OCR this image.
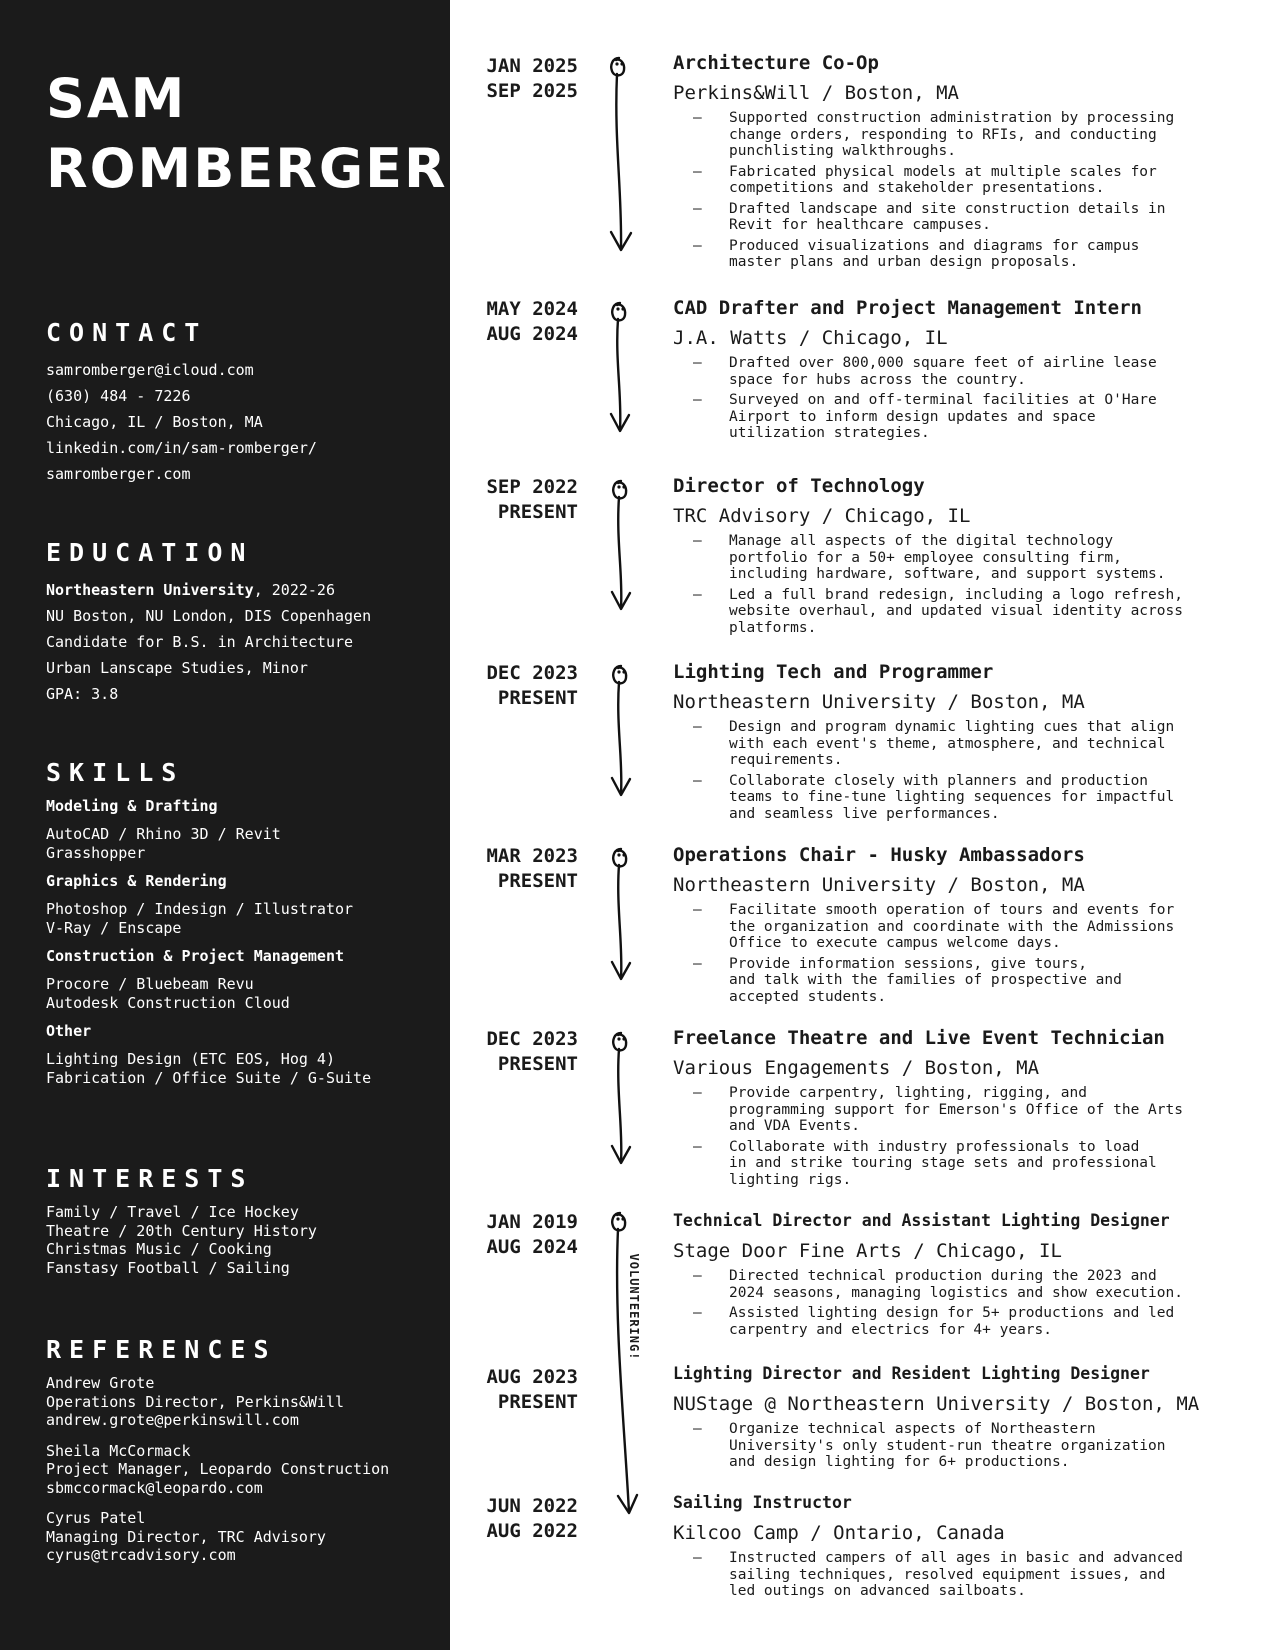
SAM
ROMBERGER
CONTACT
samromberger@icloud.com
(630) 484 - 7226
Chicago, IL / Boston, MA
linkedin.com/in/sam-romberger/
samromberger.com
EDUCATION
Northeastern University, 2022-26
NU Boston, NU London, DIS Copenhagen
Candidate for B.S. in Architecture
Urban Lanscape Studies, Minor
GPA: 3.8
SKILLS
Modeling & Drafting
AutoCAD / Rhino 3D / Revit
Grasshopper
Graphics & Rendering
Photoshop / Indesign / Illustrator
V-Ray / Enscape
Construction & Project Management
Procore / Bluebeam Revu
Autodesk Construction Cloud
Other
Lighting Design (ETC EOS, Hog 4)
Fabrication / Office Suite / G-Suite
INTERESTS
Family / Travel / Ice Hockey
Theatre / 20th Century History
Christmas Music / Cooking
Fanstasy Football / Sailing
REFERENCES
Andrew Grote
Operations Director, Perkins&Will
andrew.grote@perkinswill.com
Sheila McCormack
Project Manager, Leopardo Construction
sbmccormack@leopardo.com
Cyrus Patel
Managing Director, TRC Advisory
cyrus@trcadvisory.com
VOLUNTEERING!
JAN 2025
SEP 2025
Architecture Co-Op
Perkins&Will / Boston, MA
– Supported construction administration by processing
change orders, responding to RFIs, and conducting
punchlisting walkthroughs.
– Fabricated physical models at multiple scales for
competitions and stakeholder presentations.
– Drafted landscape and site construction details in
Revit for healthcare campuses.
– Produced visualizations and diagrams for campus
master plans and urban design proposals.
MAY 2024
AUG 2024
CAD Drafter and Project Management Intern
J.A. Watts / Chicago, IL
– Drafted over 800,000 square feet of airline lease
space for hubs across the country.
– Surveyed on and off-terminal facilities at O'Hare
Airport to inform design updates and space
utilization strategies.
SEP 2022
PRESENT
Director of Technology
TRC Advisory / Chicago, IL
– Manage all aspects of the digital technology
portfolio for a 50+ employee consulting firm,
including hardware, software, and support systems.
– Led a full brand redesign, including a logo refresh,
website overhaul, and updated visual identity across
platforms.
DEC 2023
PRESENT
Lighting Tech and Programmer
Northeastern University / Boston, MA
– Design and program dynamic lighting cues that align
with each event's theme, atmosphere, and technical
requirements.
– Collaborate closely with planners and production
teams to fine-tune lighting sequences for impactful
and seamless live performances.
MAR 2023
PRESENT
Operations Chair - Husky Ambassadors
Northeastern University / Boston, MA
– Facilitate smooth operation of tours and events for
the organization and coordinate with the Admissions
Office to execute campus welcome days.
– Provide information sessions, give tours,
and talk with the families of prospective and
accepted students.
DEC 2023
PRESENT
Freelance Theatre and Live Event Technician
Various Engagements / Boston, MA
– Provide carpentry, lighting, rigging, and
programming support for Emerson's Office of the Arts
and VDA Events.
– Collaborate with industry professionals to load
in and strike touring stage sets and professional
lighting rigs.
JAN 2019
AUG 2024
Technical Director and Assistant Lighting Designer
Stage Door Fine Arts / Chicago, IL
– Directed technical production during the 2023 and
2024 seasons, managing logistics and show execution.
– Assisted lighting design for 5+ productions and led
carpentry and electrics for 4+ years.
AUG 2023
PRESENT
Lighting Director and Resident Lighting Designer
NUStage @ Northeastern University / Boston, MA
– Organize technical aspects of Northeastern
University's only student-run theatre organization
and design lighting for 6+ productions.
JUN 2022
AUG 2022
Sailing Instructor
Kilcoo Camp / Ontario, Canada
– Instructed campers of all ages in basic and advanced
sailing techniques, resolved equipment issues, and
led outings on advanced sailboats.
